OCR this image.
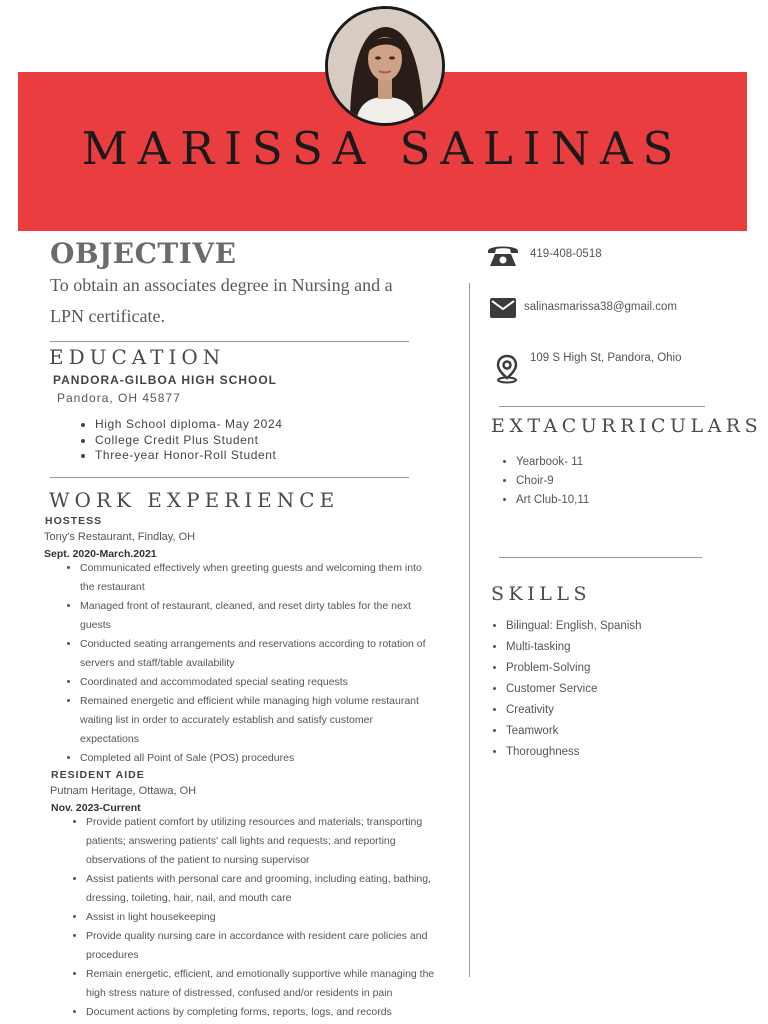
MARISSA SALINAS
OBJECTIVE

To obtain an associates degree in Nursing and a LPN certificate.

EDUCATION

PANDORA-GILBOA HIGH SCHOOL

Pandora, OH 45877

• High School diploma- May 2024
• College Credit Plus Student
• Three-year Honor-Roll Student
WORK EXPERIENCE

HOSTESS

Tony's Restaurant, Findlay, OH

Sept. 2020-March.2021

• Communicated effectively when greeting guests and welcoming them into the restaurant
• Managed front of restaurant, cleaned, and reset dirty tables for the next guests
• Conducted seating arrangements and reservations according to rotation of servers and staff/table availability
• Coordinated and accommodated special seating requests
• Remained energetic and efficient while managing high volume restaurant waiting list in order to accurately establish and satisfy customer expectations
• Completed all Point of Sale (POS) procedures

RESIDENT AIDE

Putnam Heritage, Ottawa, OH

Nov. 2023-Current

• Provide patient comfort by utilizing resources and materials; transporting patients; answering patients' call lights and requests; and reporting observations of the patient to nursing supervisor
• Assist patients with personal care and grooming, including eating, bathing, dressing, toileting, hair, nail, and mouth care
• Assist in light housekeeping
• Provide quality nursing care in accordance with resident care policies and procedures
• Remain energetic, efficient, and emotionally supportive while managing the high stress nature of distressed, confused and/or residents in pain
• Document actions by completing forms, reports, logs, and records

419-408-0518

salinasmarissa38@gmail.com

109 S High St, Pandora, Ohio

EXTACURRICULARS
• Yearbook- 11
• Choir-9
• Art Club-10,11
SKILLS
• Bilingual: English, Spanish
• Multi-tasking
• Problem-Solving
• Customer Service
• Creativity
• Teamwork
• Thoroughness
